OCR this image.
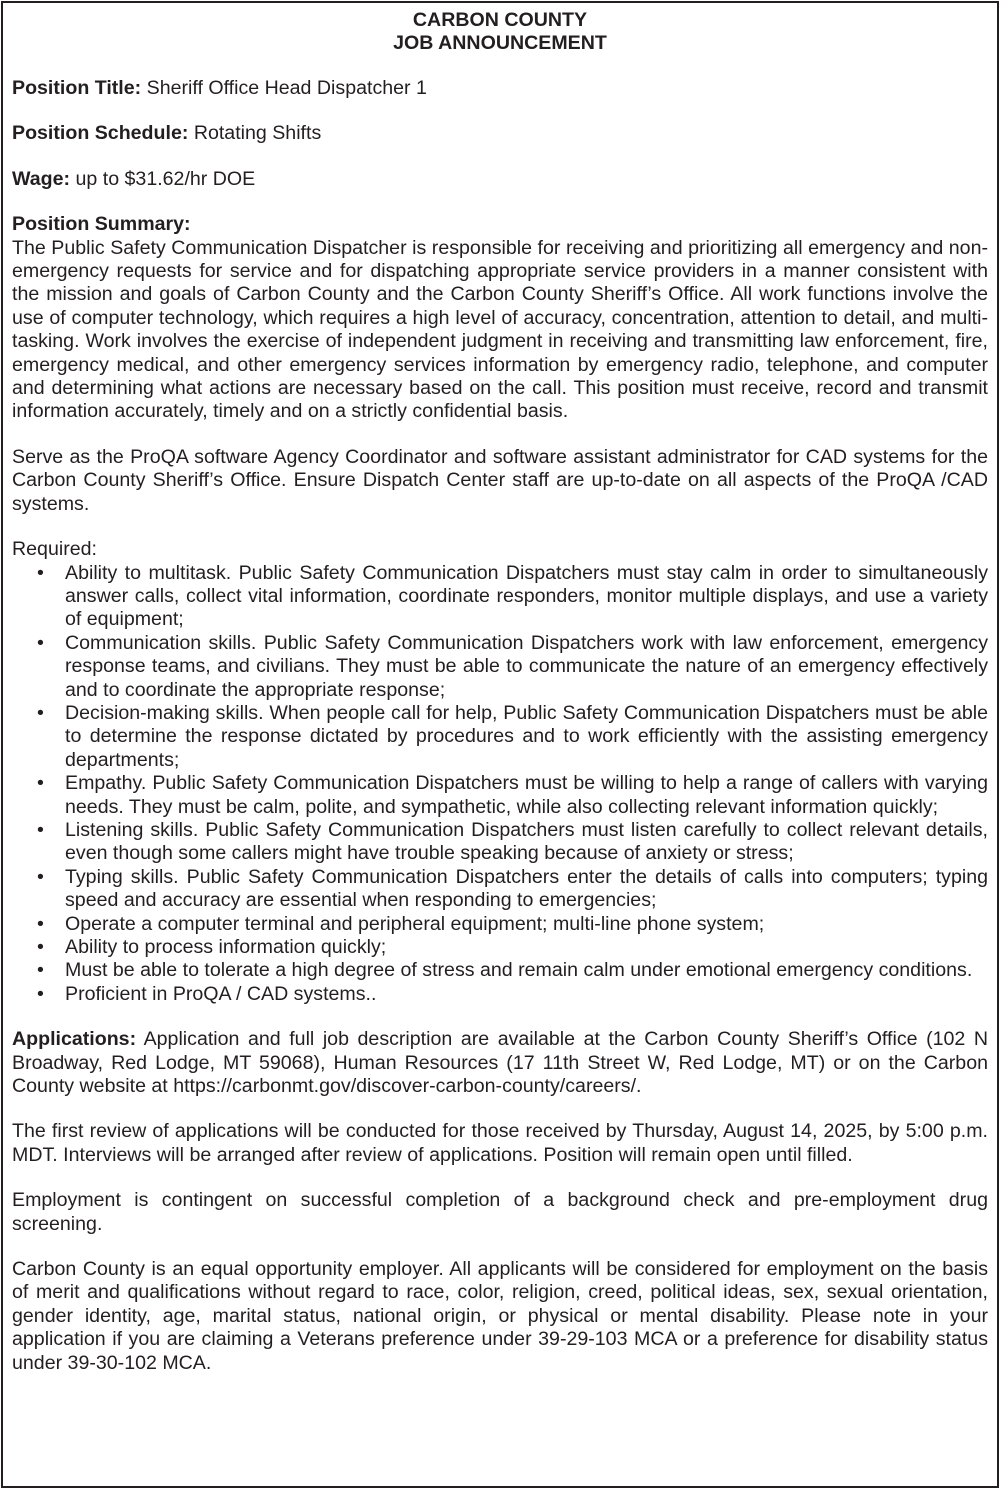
CARBON COUNTY
JOB ANNOUNCEMENT

Position Title: Sheriff Office Head Dispatcher 1

Position Schedule: Rotating Shifts

Wage: up to $31.62/hr DOE

Position Summary:

The Public Safety Communication Dispatcher is responsible for receiving and prioritizing all emergency and non-emergency requests for service and for dispatching appropriate service providers in a manner consistent with the mission and goals of Carbon County and the Carbon County Sheriff’s Office. All work functions involve the use of computer technology, which requires a high level of accuracy, concentration, attention to detail, and multi-tasking. Work involves the exercise of independent judgment in receiving and transmitting law enforcement, fire, emergency medical, and other emergency services information by emergency radio, telephone, and computer and determining what actions are necessary based on the call. This position must receive, record and transmit information accurately, timely and on a strictly confidential basis.

Serve as the ProQA software Agency Coordinator and software assistant administrator for CAD systems for the Carbon County Sheriff’s Office. Ensure Dispatch Center staff are up-to-date on all aspects of the ProQA /CAD systems.

Required:

• Ability to multitask. Public Safety Communication Dispatchers must stay calm in order to simultaneously answer calls, collect vital information, coordinate responders, monitor multiple displays, and use a variety of equipment;
• Communication skills. Public Safety Communication Dispatchers work with law enforcement, emergency response teams, and civilians. They must be able to communicate the nature of an emergency effectively and to coordinate the appropriate response;
• Decision-making skills. When people call for help, Public Safety Communication Dispatchers must be able to determine the response dictated by procedures and to work efficiently with the assisting emergency departments;
• Empathy. Public Safety Communication Dispatchers must be willing to help a range of callers with varying needs. They must be calm, polite, and sympathetic, while also collecting relevant information quickly;
• Listening skills. Public Safety Communication Dispatchers must listen carefully to collect relevant details, even though some callers might have trouble speaking because of anxiety or stress;
• Typing skills. Public Safety Communication Dispatchers enter the details of calls into computers; typing speed and accuracy are essential when responding to emergencies;
• Operate a computer terminal and peripheral equipment; multi-line phone system;
• Ability to process information quickly;
• Must be able to tolerate a high degree of stress and remain calm under emotional emergency conditions.
• Proficient in ProQA / CAD systems..

Applications: Application and full job description are available at the Carbon County Sheriff’s Office (102 N Broadway, Red Lodge, MT 59068), Human Resources (17 11th Street W, Red Lodge, MT) or on the Carbon County website at https://carbonmt.gov/discover-carbon-county/careers/.

The first review of applications will be conducted for those received by Thursday, August 14, 2025, by 5:00 p.m. MDT. Interviews will be arranged after review of applications. Position will remain open until filled.

Employment is contingent on successful completion of a background check and pre-employment drug screening.

Carbon County is an equal opportunity employer. All applicants will be considered for employment on the basis of merit and qualifications without regard to race, color, religion, creed, political ideas, sex, sexual orientation, gender identity, age, marital status, national origin, or physical or mental disability. Please note in your application if you are claiming a Veterans preference under 39-29-103 MCA or a preference for disability status under 39-30-102 MCA.
